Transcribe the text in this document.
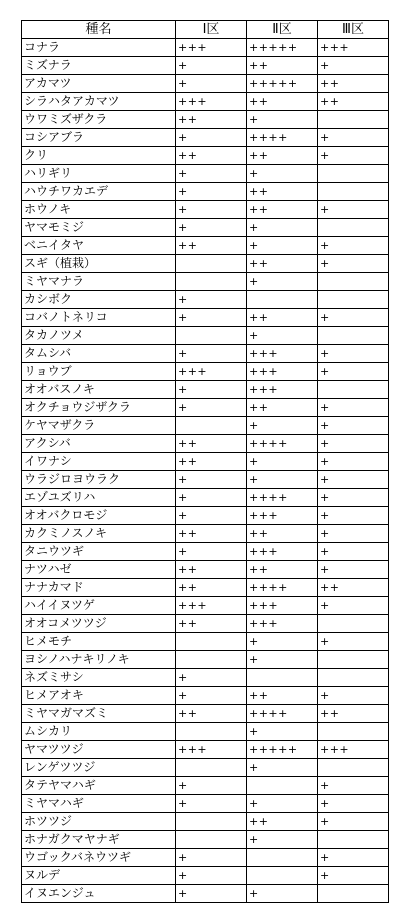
種名	Ⅰ区	Ⅱ区	Ⅲ区
コナラ	+++	+++++	+++
ミズナラ	+	++	+
アカマツ	+	+++++	++
シラハタアカマツ	+++	++	++
ウワミズザクラ	++	+	
コシアブラ	+	++++	+
クリ	++	++	+
ハリギリ	+	+	
ハウチワカエデ	+	++	
ホウノキ	+	++	+
ヤマモミジ	+	+	
ベニイタヤ	++	+	+
スギ（植栽）		++	+
ミヤマナラ		+	
カシボク	+		
コバノトネリコ	+	++	+
タカノツメ		+	
タムシバ	+	+++	+
リョウブ	+++	+++	+
オオバスノキ	+	+++	
オクチョウジザクラ	+	++	+
ケヤマザクラ		+	+
アクシバ	++	++++	+
イワナシ	++	+	+
ウラジロヨウラク	+	+	+
エゾユズリハ	+	++++	+
オオバクロモジ	+	+++	+
カクミノスノキ	++	++	+
タニウツギ	+	+++	+
ナツハゼ	++	++	+
ナナカマド	++	++++	++
ハイイヌツゲ	+++	+++	+
オオコメツツジ	++	+++	
ヒメモチ		+	+
ヨシノハナキリノキ		+	
ネズミサシ	+		
ヒメアオキ	+	++	+
ミヤマガマズミ	++	++++	++
ムシカリ		+	
ヤマツツジ	+++	+++++	+++
レンゲツツジ		+	
タテヤマハギ	+		+
ミヤマハギ	+	+	+
ホツツジ		++	+
ホナガクマヤナギ		+	
ウゴックバネウツギ	+		+
ヌルデ	+		+
イヌエンジュ	+	+	
